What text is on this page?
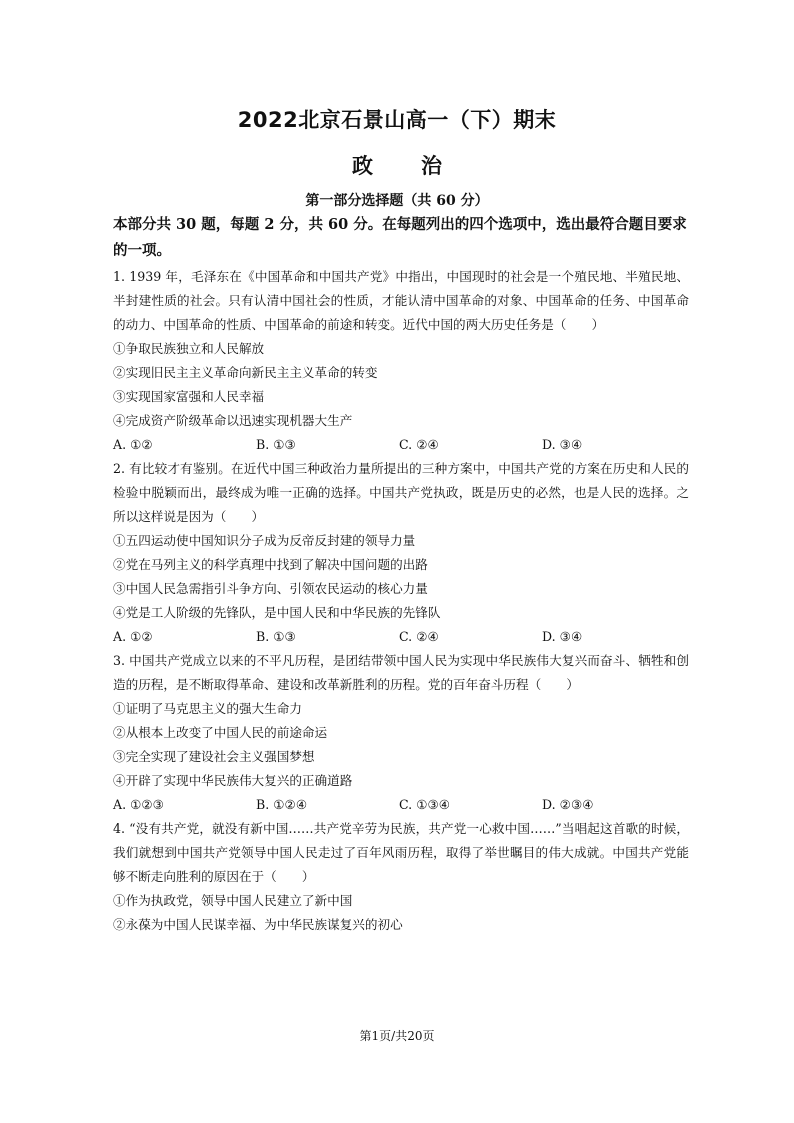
2022北京石景山高一（下）期末
政 治
第一部分选择题（共 60 分）
本部分共 30 题，每题 2 分，共 60 分。在每题列出的四个选项中，选出最符合题目要求的一项。

1. 1939 年，毛泽东在《中国革命和中国共产党》中指出，中国现时的社会是一个殖民地、半殖民地、半封建性质的社会。只有认清中国社会的性质，才能认清中国革命的对象、中国革命的任务、中国革命的动力、中国革命的性质、中国革命的前途和转变。近代中国的两大历史任务是（　　）

①争取民族独立和人民解放

②实现旧民主主义革命向新民主主义革命的转变

③实现国家富强和人民幸福

④完成资产阶级革命以迅速实现机器大生产

A. ①②	B. ①③	C. ②④	D. ③④

2. 有比较才有鉴别。在近代中国三种政治力量所提出的三种方案中，中国共产党的方案在历史和人民的检验中脱颖而出，最终成为唯一正确的选择。中国共产党执政，既是历史的必然，也是人民的选择。之所以这样说是因为（　　）

①五四运动使中国知识分子成为反帝反封建的领导力量

②党在马列主义的科学真理中找到了解决中国问题的出路

③中国人民急需指引斗争方向、引领农民运动的核心力量

④党是工人阶级的先锋队，是中国人民和中华民族的先锋队

A. ①②	B. ①③	C. ②④	D. ③④

3. 中国共产党成立以来的不平凡历程，是团结带领中国人民为实现中华民族伟大复兴而奋斗、牺牲和创造的历程，是不断取得革命、建设和改革新胜利的历程。党的百年奋斗历程（　　）

①证明了马克思主义的强大生命力

②从根本上改变了中国人民的前途命运

③完全实现了建设社会主义强国梦想

④开辟了实现中华民族伟大复兴的正确道路

A. ①②③	B. ①②④	C. ①③④	D. ②③④

4. “没有共产党，就没有新中国……共产党辛劳为民族，共产党一心救中国……”当唱起这首歌的时候，我们就想到中国共产党领导中国人民走过了百年风雨历程，取得了举世瞩目的伟大成就。中国共产党能够不断走向胜利的原因在于（　　）

①作为执政党，领导中国人民建立了新中国

②永葆为中国人民谋幸福、为中华民族谋复兴的初心

第1页/共20页
